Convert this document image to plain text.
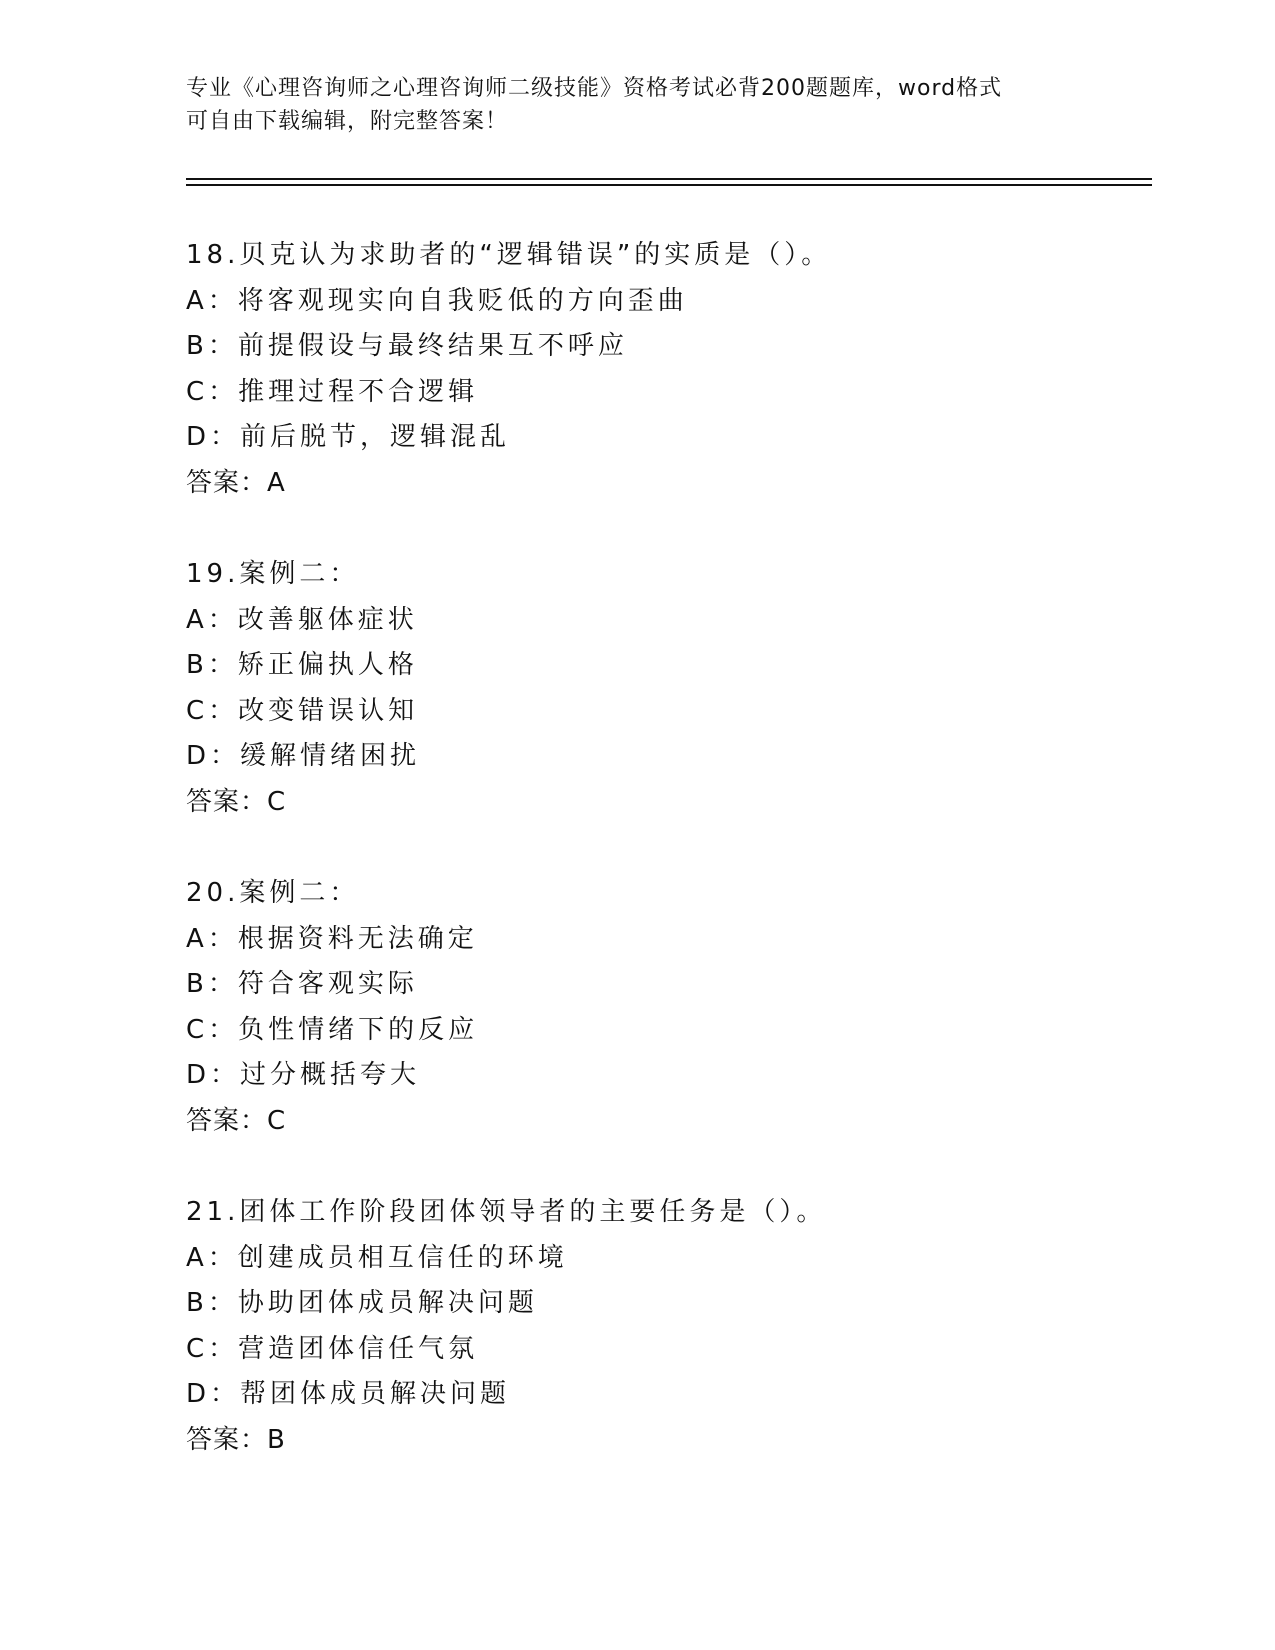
专业《心理咨询师之心理咨询师二级技能》资格考试必背200题题库，word格式
可自由下载编辑，附完整答案！
18.贝克认为求助者的“逻辑错误”的实质是（）。
A：将客观现实向自我贬低的方向歪曲
B：前提假设与最终结果互不呼应
C：推理过程不合逻辑
D：前后脱节，逻辑混乱
答案：A
19.案例二：
A：改善躯体症状
B：矫正偏执人格
C：改变错误认知
D：缓解情绪困扰
答案：C
20.案例二：
A：根据资料无法确定
B：符合客观实际
C：负性情绪下的反应
D：过分概括夸大
答案：C
21.团体工作阶段团体领导者的主要任务是（）。
A：创建成员相互信任的环境
B：协助团体成员解决问题
C：营造团体信任气氛
D：帮团体成员解决问题
答案：B
